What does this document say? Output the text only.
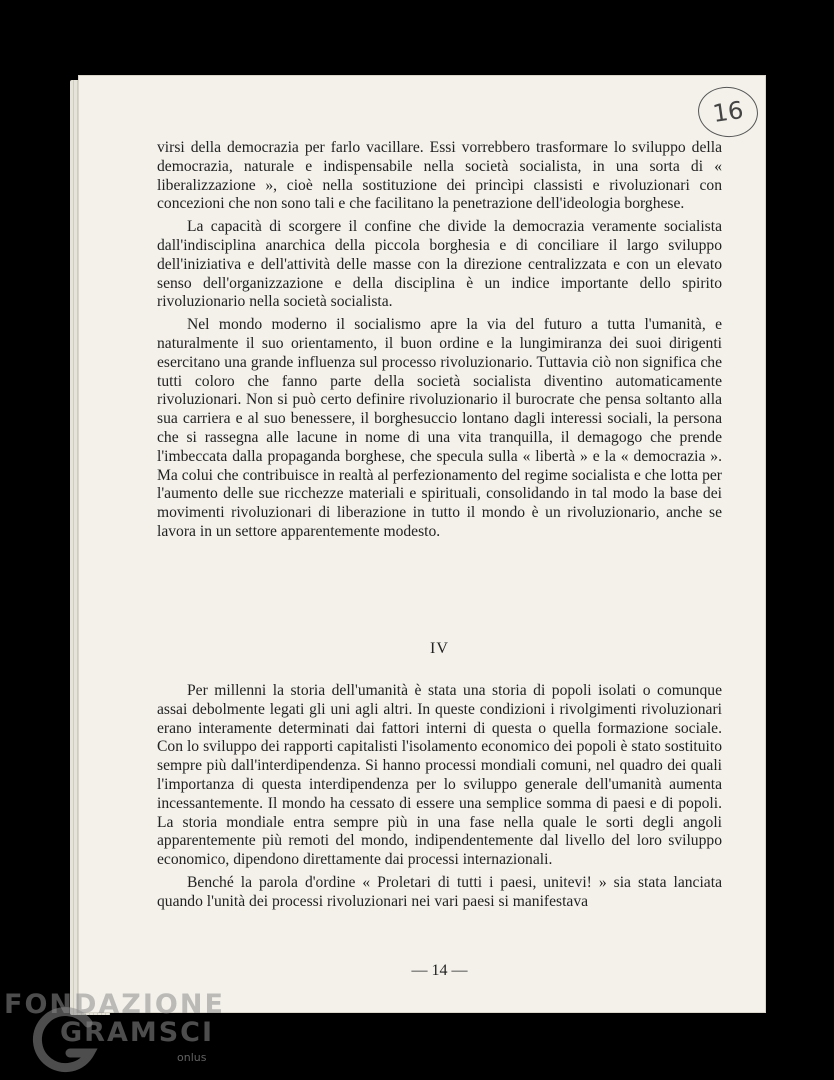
16

virsi della democrazia per farlo vacillare. Essi vorrebbero trasformare lo sviluppo della democrazia, naturale e indispensabile nella società socialista, in una sorta di « liberalizzazione », cioè nella sostituzione dei princìpi classisti e rivoluzionari con concezioni che non sono tali e che facilitano la penetrazione dell'ideologia borghese.

La capacità di scorgere il confine che divide la democrazia veramente socialista dall'indisciplina anarchica della piccola borghesia e di conciliare il largo sviluppo dell'iniziativa e dell'attività delle masse con la direzione centralizzata e con un elevato senso dell'organizzazione e della disciplina è un indice importante dello spirito rivoluzionario nella società socialista.

Nel mondo moderno il socialismo apre la via del futuro a tutta l'umanità, e naturalmente il suo orientamento, il buon ordine e la lungimiranza dei suoi dirigenti esercitano una grande influenza sul processo rivoluzionario. Tuttavia ciò non significa che tutti coloro che fanno parte della società socialista diventino automaticamente rivoluzionari. Non si può certo definire rivoluzionario il burocrate che pensa soltanto alla sua carriera e al suo benessere, il borghesuccio lontano dagli interessi sociali, la persona che si rassegna alle lacune in nome di una vita tranquilla, il demagogo che prende l'imbeccata dalla propaganda borghese, che specula sulla « libertà » e la « democrazia ». Ma colui che contribuisce in realtà al perfezionamento del regime socialista e che lotta per l'aumento delle sue ricchezze materiali e spirituali, consolidando in tal modo la base dei movimenti rivoluzionari di liberazione in tutto il mondo è un rivoluzionario, anche se lavora in un settore apparentemente modesto.

IV

Per millenni la storia dell'umanità è stata una storia di popoli isolati o comunque assai debolmente legati gli uni agli altri. In queste condizioni i rivolgimenti rivoluzionari erano interamente determinati dai fattori interni di questa o quella formazione sociale. Con lo sviluppo dei rapporti capitalisti l'isolamento economico dei popoli è stato sostituito sempre più dall'interdipendenza. Si hanno processi mondiali comuni, nel quadro dei quali l'importanza di questa interdipendenza per lo sviluppo generale dell'umanità aumenta incessantemente. Il mondo ha cessato di essere una semplice somma di paesi e di popoli. La storia mondiale entra sempre più in una fase nella quale le sorti degli angoli apparentemente più remoti del mondo, indipendentemente dal livello del loro sviluppo economico, dipendono direttamente dai processi internazionali.

Benché la parola d'ordine « Proletari di tutti i paesi, unitevi! » sia stata lanciata quando l'unità dei processi rivoluzionari nei vari paesi si manifestava

— 14 —
FONDAZIONE
GRAMSCI
onlus
